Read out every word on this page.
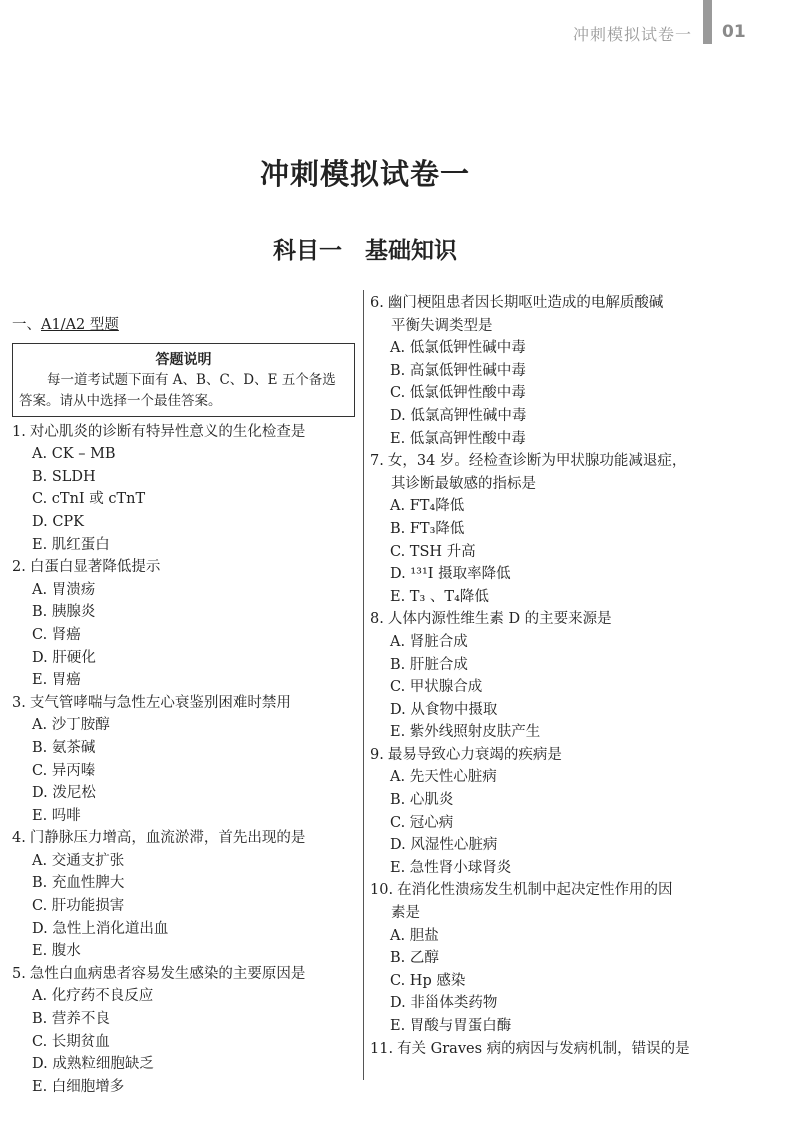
冲刺模拟试卷一 01
冲刺模拟试卷一
科目一　基础知识
一、A1/A2 型题
答题说明
每一道考试题下面有 A、B、C、D、E 五个备选答案。请从中选择一个最佳答案。
1. 对心肌炎的诊断有特异性意义的生化检查是
A. CK – MB
B. SLDH
C. cTnI 或 cTnT
D. CPK
E. 肌红蛋白
2. 白蛋白显著降低提示
A. 胃溃疡
B. 胰腺炎
C. 肾癌
D. 肝硬化
E. 胃癌
3. 支气管哮喘与急性左心衰鉴别困难时禁用
A. 沙丁胺醇
B. 氨茶碱
C. 异丙嗪
D. 泼尼松
E. 吗啡
4. 门静脉压力增高，血流淤滞，首先出现的是
A. 交通支扩张
B. 充血性脾大
C. 肝功能损害
D. 急性上消化道出血
E. 腹水
5. 急性白血病患者容易发生感染的主要原因是
A. 化疗药不良反应
B. 营养不良
C. 长期贫血
D. 成熟粒细胞缺乏
E. 白细胞增多
6. 幽门梗阻患者因长期呕吐造成的电解质酸碱
平衡失调类型是
A. 低氯低钾性碱中毒
B. 高氯低钾性碱中毒
C. 低氯低钾性酸中毒
D. 低氯高钾性碱中毒
E. 低氯高钾性酸中毒
7. 女，34 岁。经检查诊断为甲状腺功能减退症，
其诊断最敏感的指标是
A. FT₄降低
B. FT₃降低
C. TSH 升高
D. ¹³¹I 摄取率降低
E. T₃ 、T₄降低
8. 人体内源性维生素 D 的主要来源是
A. 肾脏合成
B. 肝脏合成
C. 甲状腺合成
D. 从食物中摄取
E. 紫外线照射皮肤产生
9. 最易导致心力衰竭的疾病是
A. 先天性心脏病
B. 心肌炎
C. 冠心病
D. 风湿性心脏病
E. 急性肾小球肾炎
10. 在消化性溃疡发生机制中起决定性作用的因
素是
A. 胆盐
B. 乙醇
C. Hp 感染
D. 非甾体类药物
E. 胃酸与胃蛋白酶
11. 有关 Graves 病的病因与发病机制，错误的是
